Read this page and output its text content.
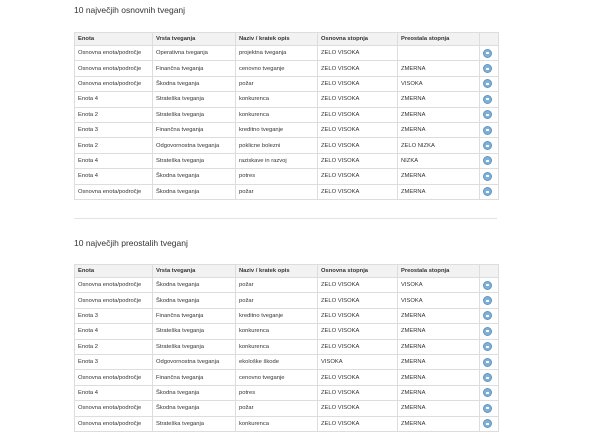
10 največjih osnovnih tveganj
Enota	Vrsta tveganja	Naziv / kratek opis	Osnovna stopnja	Preostala stopnja	
Osnovna enota/področje	Operativna tveganja	projektna tveganja	ZELO VISOKA		
Osnovna enota/področje	Finančna tveganja	cenovno tveganje	ZELO VISOKA	ZMERNA	
Osnovna enota/področje	Škodna tveganja	požar	ZELO VISOKA	VISOKA	
Enota 4	Strateška tveganja	konkurenca	ZELO VISOKA	ZMERNA	
Enota 2	Strateška tveganja	konkurenca	ZELO VISOKA	ZMERNA	
Enota 3	Finančna tveganja	kreditno tveganje	ZELO VISOKA	ZMERNA	
Enota 2	Odgovornostna tveganja	poklicne bolezni	ZELO VISOKA	ZELO NIZKA	
Enota 4	Strateška tveganja	raziskave in razvoj	ZELO VISOKA	NIZKA	
Enota 4	Škodna tveganja	potres	ZELO VISOKA	ZMERNA	
Osnovna enota/področje	Škodna tveganja	požar	ZELO VISOKA	ZMERNA	
10 največjih preostalih tveganj
Enota	Vrsta tveganja	Naziv / kratek opis	Osnovna stopnja	Preostala stopnja	
Osnovna enota/področje	Škodna tveganja	požar	ZELO VISOKA	VISOKA	
Osnovna enota/področje	Škodna tveganja	požar	ZELO VISOKA	VISOKA	
Enota 3	Finančna tveganja	kreditno tveganje	ZELO VISOKA	ZMERNA	
Enota 4	Strateška tveganja	konkurenca	ZELO VISOKA	ZMERNA	
Enota 2	Strateška tveganja	konkurenca	ZELO VISOKA	ZMERNA	
Enota 3	Odgovornostna tveganja	ekološke škode	VISOKA	ZMERNA	
Osnovna enota/področje	Finančna tveganja	cenovno tveganje	ZELO VISOKA	ZMERNA	
Enota 4	Škodna tveganja	potres	ZELO VISOKA	ZMERNA	
Osnovna enota/področje	Škodna tveganja	požar	ZELO VISOKA	ZMERNA	
Osnovna enota/področje	Strateška tveganja	konkurenca	ZELO VISOKA	ZMERNA	
